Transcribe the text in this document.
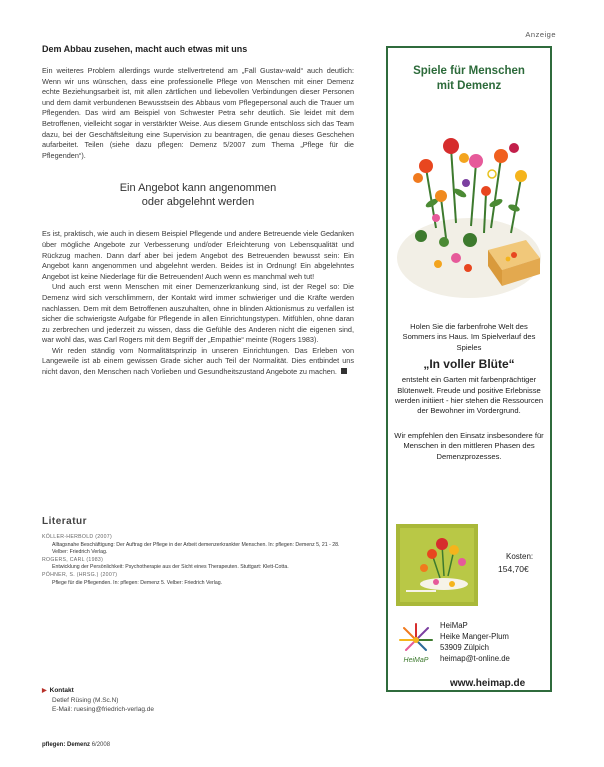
Anzeige
Dem Abbau zusehen, macht auch etwas mit uns

Ein weiteres Problem allerdings wurde stellvertretend am „Fall Gustav-wald“ auch deutlich: Wenn wir uns wünschen, dass eine professionelle Pflege von Menschen mit einer Demenz echte Beziehungsarbeit ist, mit allen zärtlichen und liebevollen Verbindungen dieser Personen und dem damit verbundenen Bewusstsein des Abbaus vom Pflegepersonal auch die Trauer um Pflegenden. Das wird am Beispiel von Schwester Petra sehr deutlich. Sie leidet mit dem Betroffenen, vielleicht sogar in verstärkter Weise. Aus diesem Grunde entschloss sich das Team dazu, bei der Geschäftsleitung eine Supervision zu beantragen, die genau dieses Geschehen aufarbeitet. Teilen (siehe dazu pflegen: Demenz 5/2007 zum Thema „Pflege für die Pflegenden“).

Ein Angebot kann angenommen
oder abgelehnt werden

Es ist, praktisch, wie auch in diesem Beispiel Pflegende und andere Betreuende viele Gedanken über mögliche Angebote zur Verbesserung und/oder Erleichterung von Lebensqualität und Rückzug machen. Dann darf aber bei jedem Angebot des Betreuenden bewusst sein: Ein Angebot kann angenommen und abgelehnt werden. Beides ist in Ordnung! Ein abgelehntes Angebot ist keine Niederlage für die Betreuenden! Auch wenn es manchmal weh tut!

Und auch erst wenn Menschen mit einer Demenzerkrankung sind, ist der Regel so: Die Demenz wird sich verschlimmern, der Kontakt wird immer schwieriger und die Kräfte werden nachlassen. Dem mit dem Betroffenen auszuhalten, ohne in blinden Aktionismus zu verfallen ist sicher die schwierigste Aufgabe für Pflegende in allen Einrichtungstypen. Mitfühlen, ohne daran zu zerbrechen und jederzeit zu wissen, dass die Gefühle des Anderen nicht die eigenen sind, war wohl das, was Carl Rogers mit dem Begriff der „Empathie“ meinte (Rogers 1983).

Wir reden ständig vom Normalitätsprinzip in unseren Einrichtungen. Das Erleben von Langeweile ist ab einem gewissen Grade sicher auch Teil der Normalität. Dies entbindet uns nicht davon, den Menschen nach Vorlieben und Gesundheitszustand Angebote zu machen.

Literatur
KÖLLER-HERBOLD (2007)
Alltagsnahe Beschäftigung: Der Auftrag der Pflege in der Arbeit demenzerkrankter Menschen. In: pflegen: Demenz 5, 21 - 28. Velber: Friedrich Verlag.
ROGERS, CARL (1983)
Entwicklung der Persönlichkeit: Psychotherapie aus der Sicht eines Therapeuten. Stuttgart: Klett-Cotta.
PÖHNER, S. (HRSG.) (2007)
Pflege für die Pflegenden. In: pflegen: Demenz 5. Velber: Friedrich Verlag.
▶ Kontakt
Detlef Rüsing (M.Sc.N)
E-Mail: ruesing@friedrich-verlag.de
pflegen: Demenz 6/2008
Spiele für Menschen
mit Demenz
Holen Sie die farbenfrohe Welt des Sommers ins Haus. Im Spielverlauf des Spieles
„In voller Blüte“
entsteht ein Garten mit farbenprächtiger Blütenwelt. Freude und positive Erlebnisse werden initiiert - hier stehen die Ressourcen der Bewohner im Vordergrund.
Wir empfehlen den Einsatz insbesondere für Menschen in den mittleren Phasen des Demenzprozesses.
Kosten:
154,70€
HeiMaP
HeiMaP
Heike Manger-Plum
53909 Zülpich
heimap@t-online.de
www.heimap.de
